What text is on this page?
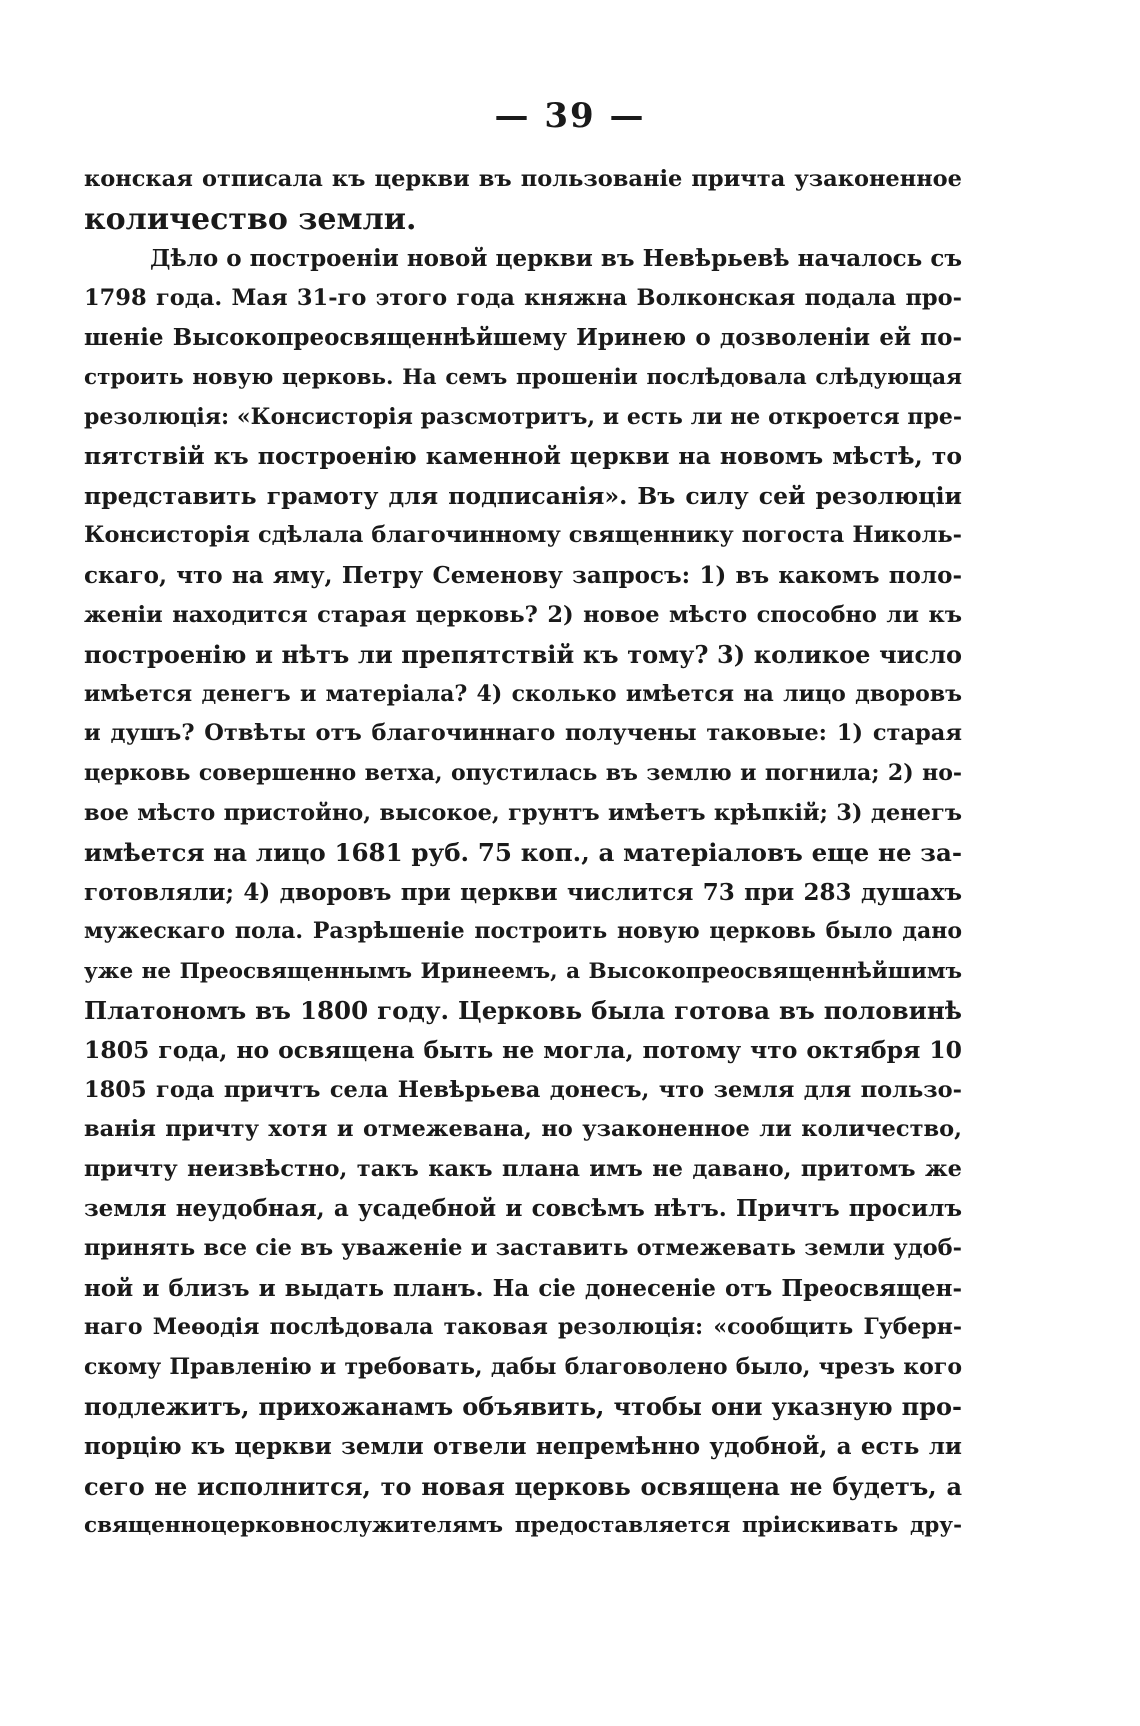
— 39 —
конская отписала къ церкви въ пользованіе причта узаконенное
количество земли.
Дѣло о построеніи новой церкви въ Невѣрьевѣ началось съ
1798 года. Мая 31-го этого года княжна Волконская подала про-
шеніе Высокопреосвященнѣйшему Иринею о дозволеніи ей по-
строить новую церковь. На семъ прошеніи послѣдовала слѣдующая
резолюція: «Консисторія разсмотритъ, и есть ли не откроется пре-
пятствій къ построенію каменной церкви на новомъ мѣстѣ, то
представить грамоту для подписанія». Въ силу сей резолюціи
Консисторія сдѣлала благочинному священнику погоста Николь-
скаго, что на яму, Петру Семенову запросъ: 1) въ какомъ поло-
женіи находится старая церковь? 2) новое мѣсто способно ли къ
построенію и нѣтъ ли препятствій къ тому? 3) коликое число
имѣется денегъ и матеріала? 4) сколько имѣется на лицо дворовъ
и душъ? Отвѣты отъ благочиннаго получены таковые: 1) старая
церковь совершенно ветха, опустилась въ землю и погнила; 2) но-
вое мѣсто пристойно, высокое, грунтъ имѣетъ крѣпкій; 3) денегъ
имѣется на лицо 1681 руб. 75 коп., а матеріаловъ еще не за-
готовляли; 4) дворовъ при церкви числится 73 при 283 душахъ
мужескаго пола. Разрѣшеніе построить новую церковь было дано
уже не Преосвященнымъ Иринеемъ, а Высокопреосвященнѣйшимъ
Платономъ въ 1800 году. Церковь была готова въ половинѣ
1805 года, но освящена быть не могла, потому что октября 10
1805 года причтъ села Невѣрьева донесъ, что земля для пользо-
ванія причту хотя и отмежевана, но узаконенное ли количество,
причту неизвѣстно, такъ какъ плана имъ не давано, притомъ же
земля неудобная, а усадебной и совсѣмъ нѣтъ. Причтъ просилъ
принять все сіе въ уваженіе и заставить отмежевать земли удоб-
ной и близъ и выдать планъ. На сіе донесеніе отъ Преосвящен-
наго Меѳодія послѣдовала таковая резолюція: «сообщить Губерн-
скому Правленію и требовать, дабы благоволено было, чрезъ кого
подлежитъ, прихожанамъ объявить, чтобы они указную про-
порцію къ церкви земли отвели непремѣнно удобной, а есть ли
сего не исполнится, то новая церковь освящена не будетъ, а
священноцерковнослужителямъ предоставляется пріискивать дру-
